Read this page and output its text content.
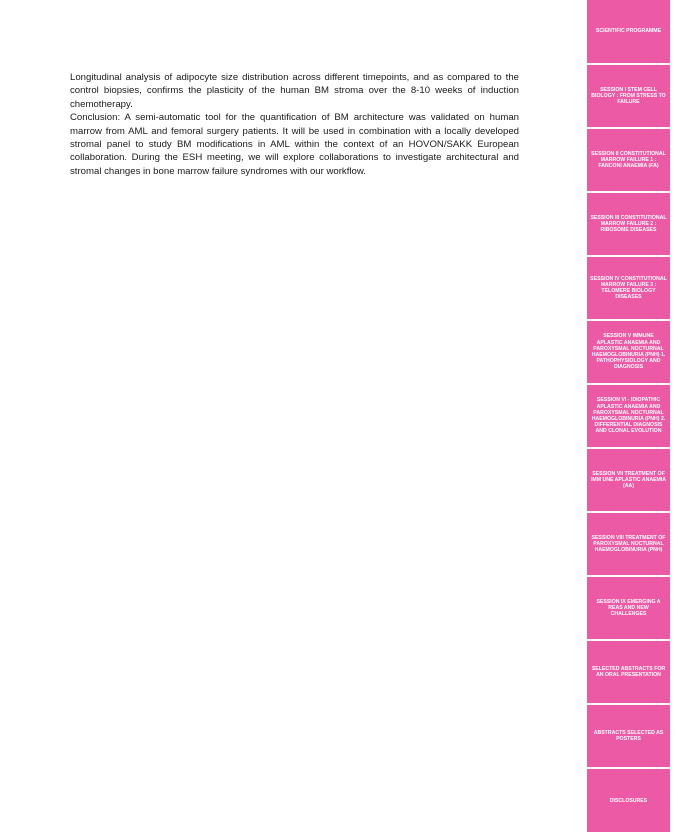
Longitudinal analysis of adipocyte size distribution across different timepoints, and as compared to the control biopsies, confirms the plasticity of the human BM stroma over the 8-10 weeks of induction chemotherapy.

Conclusion: A semi-automatic tool for the quantification of BM architecture was validated on human marrow from AML and femoral surgery patients. It will be used in combination with a locally developed stromal panel to study BM modifications in AML within the context of an HOVON/SAKK European collaboration. During the ESH meeting, we will explore collaborations to investigate architectural and stromal changes in bone marrow failure syndromes with our workflow.

SCIENTIFIC PROGRAMME
SESSION I STEM CELL BIOLOGY : FROM STRESS TO FAILURE
SESSION II CONSTITUTIONAL MARROW FAILURE 1 : FANCONI ANAEMIA (FA)
SESSION III CONSTITUTIONAL MARROW FAILURE 2 : RIBOSOME DISEASES
SESSION IV CONSTITUTIONAL MARROW FAILURE 3 : TELOMERE BIOLOGY DISEASES
SESSION V IMMUNE APLASTIC ANAEMIA AND PAROXYSMAL NOCTURNAL HAEMOGLOBINURIA (PNH) 1. PATHOPHYSIOLOGY AND DIAGNOSIS
SESSION VI - IDIOPATHIC APLASTIC ANAEMIA AND PAROXYSMAL NOCTURNAL HAEMOGLOBINURIA (PNH) 2. DIFFERENTIAL DIAGNOSIS AND CLONAL EVOLUTION
SESSION VII TREATMENT OF IMM UNE APLASTIC ANAEMIA (AA)
SESSION VIII TREATMENT OF PAROXYSMAL NOCTURNAL HAEMOGLOBINURIA (PNH)
SESSION IX EMERGING A REAS AND NEW CHALLENGES
SELECTED ABSTRACTS FOR AN ORAL PRESENTATION
ABSTRACTS SELECTED AS POSTERS
DISCLOSURES
